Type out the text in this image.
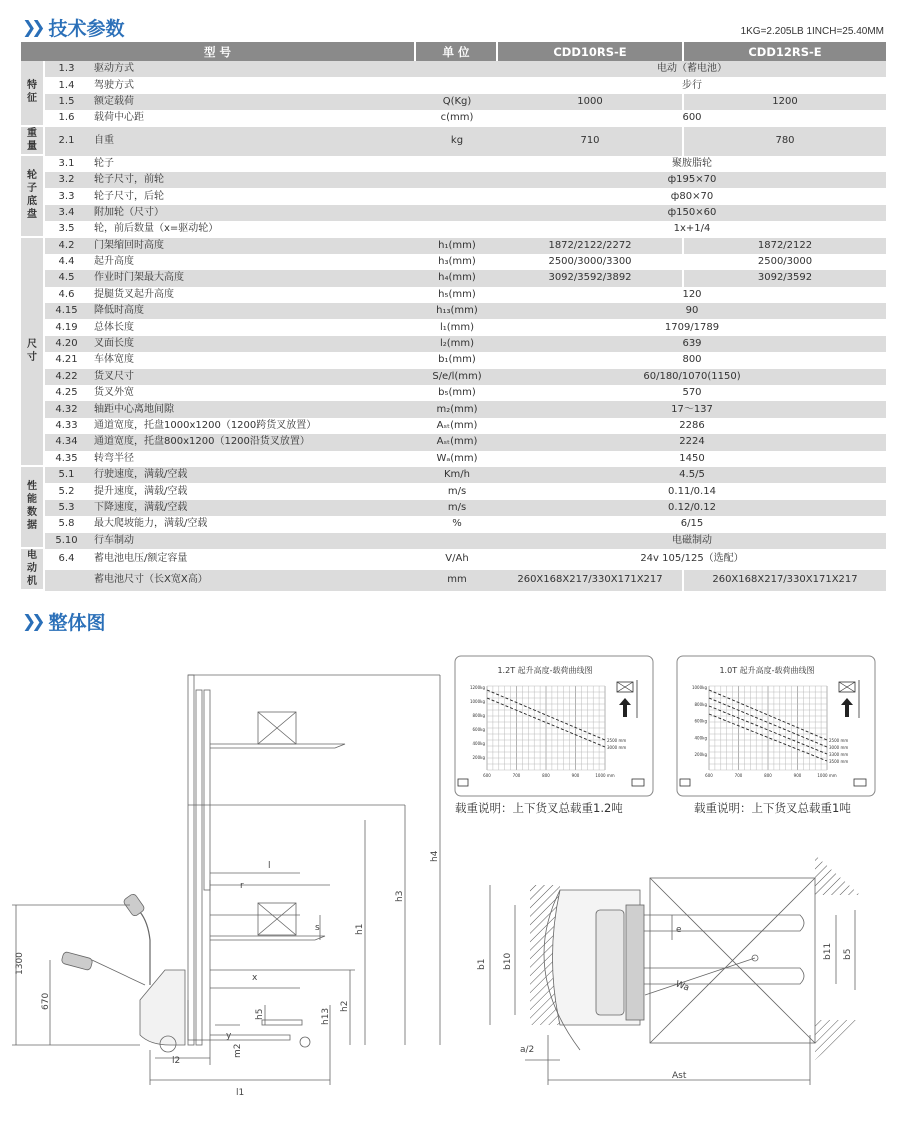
❯❯ 技术参数	1KG=2.205LB 1INCH=25.40MM
型 号			单 位	CDD10RS-E	CDD12RS-E
特征	1.3	驱动方式		电动（蓄电池）	
	1.4	驾驶方式		步行	
	1.5	额定载荷	Q(Kg)	1000	1200
	1.6	载荷中心距	c(mm)	600	
重量	2.1	自重	kg	710	780
轮子底盘	3.1	轮子		聚胺脂轮	
	3.2	轮子尺寸，前轮		ф195×70	
	3.3	轮子尺寸，后轮		ф80×70	
	3.4	附加轮（尺寸）		ф150×60	
	3.5	轮，前后数量（x=驱动轮）		1x+1/4	
尺寸	4.2	门架缩回时高度	h₁(mm)	1872/2122/2272	1872/2122
	4.4	起升高度	h₃(mm)	2500/3000/3300	2500/3000
	4.5	作业时门架最大高度	h₄(mm)	3092/3592/3892	3092/3592
	4.6	提腿货叉起升高度	h₅(mm)	120	
	4.15	降低时高度	h₁₃(mm)	90	
	4.19	总体长度	l₁(mm)	1709/1789	
	4.20	叉面长度	l₂(mm)	639	
	4.21	车体宽度	b₁(mm)	800	
	4.22	货叉尺寸	S/e/l(mm)	60/180/1070(1150)	
	4.25	货叉外宽	b₅(mm)	570	
	4.32	轴距中心离地间隙	m₂(mm)	17～137	
	4.33	通道宽度，托盘1000x1200（1200跨货叉放置）	Aₛₜ(mm)	2286	
	4.34	通道宽度，托盘800x1200（1200沿货叉放置）	Aₛₜ(mm)	2224	
	4.35	转弯半径	Wₐ(mm)	1450	
性能数据	5.1	行驶速度，满载/空载	Km/h	4.5/5	
	5.2	提升速度，满载/空载	m/s	0.11/0.14	
	5.3	下降速度，满载/空载	m/s	0.12/0.12	
	5.8	最大爬坡能力，满载/空载	%	6/15	
	5.10	行车制动		电磁制动	
电动机	6.4	蓄电池电压/额定容量	V/Ah	24v 105/125（选配）	
		蓄电池尺寸（长X宽X高）	mm	260X168X217/330X171X217	260X168X217/330X171X217
❯❯ 整体图
1.2T 起升高度-载荷曲线图
2500 mm
3000 mm
1200kg
1000kg
800kg
600kg
400kg
200kg
600	700	800	900	1000 mm
载重说明：上下货叉总载重1.2吨
1.0T 起升高度-载荷曲线图
2500 mm
3000 mm
3300 mm
3500 mm
1000kg
800kg
600kg
400kg
200kg
600	700	800	900	1000 mm
载重说明：上下货叉总载重1吨
1300
670
l
r
s
x
y
h5	h13
m2
l2
l1
h1
h2
h3
h4
b1 b10
b11 b5
e
Wa
a/2
Ast
